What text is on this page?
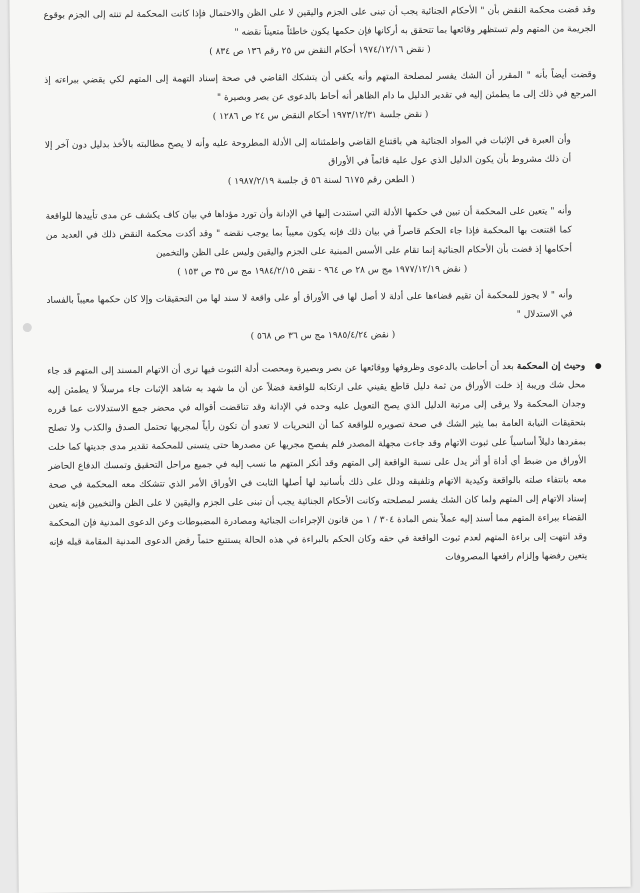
وقد قضت محكمة النقض بأن " الأحكام الجنائية يجب أن تبنى على الجزم واليقين لا على الظن والاحتمال فإذا كانت المحكمة لم تنته إلى الجزم بوقوع الجريمة من المتهم ولم تستظهر وقائعها بما تتحقق به أركانها فإن حكمها يكون خاطئاً متعيناً نقضه "

( نقض ١٩٧٤/١٢/١٦ أحكام النقض س ٢٥ رقم ١٣٦ ص ٨٣٤ )

وقضت أيضاً بأنه " المقرر أن الشك يفسر لمصلحة المتهم وأنه يكفي أن يتشكك القاضي في صحة إسناد التهمة إلى المتهم لكي يقضي ببراءته إذ المرجع في ذلك إلى ما يطمئن إليه في تقدير الدليل ما دام الظاهر أنه أحاط بالدعوى عن بصر وبصيرة "

( نقض جلسة ١٩٧٣/١٢/٣١ أحكام النقض س ٢٤ ص ١٢٨٦ )

وأن العبرة في الإثبات في المواد الجنائية هي باقتناع القاضي واطمئنانه إلى الأدلة المطروحة عليه وأنه لا يصح مطالبته بالأخذ بدليل دون آخر إلا أن ذلك مشروط بأن يكون الدليل الذي عول عليه قائماً في الأوراق

( الطعن رقم ٦١٧٥ لسنة ٥٦ ق جلسة ١٩٨٧/٢/١٩ )

وأنه " يتعين على المحكمة أن تبين في حكمها الأدلة التي استندت إليها في الإدانة وأن تورد مؤداها في بيان كاف يكشف عن مدى تأييدها للواقعة كما اقتنعت بها المحكمة فإذا جاء الحكم قاصراً في بيان ذلك فإنه يكون معيباً بما يوجب نقضه " وقد أكدت محكمة النقض ذلك في العديد من أحكامها إذ قضت بأن الأحكام الجنائية إنما تقام على الأسس المبنية على الجزم واليقين وليس على الظن والتخمين

( نقض ١٩٧٧/١٢/١٩ مج س ٢٨ ص ٩٦٤ - نقض ١٩٨٤/٢/١٥ مج س ٣٥ ص ١٥٣ )

وأنه " لا يجوز للمحكمة أن تقيم قضاءها على أدلة لا أصل لها في الأوراق أو على واقعة لا سند لها من التحقيقات وإلا كان حكمها معيباً بالفساد في الاستدلال "

( نقض ١٩٨٥/٤/٢٤ مج س ٣٦ ص ٥٦٨ )

وحيث إن المحكمة بعد أن أحاطت بالدعوى وظروفها ووقائعها عن بصر وبصيرة ومحصت أدلة الثبوت فيها ترى أن الاتهام المسند إلى المتهم قد جاء محل شك وريبة إذ خلت الأوراق من ثمة دليل قاطع يقيني على ارتكابه للواقعة فضلاً عن أن ما شهد به شاهد الإثبات جاء مرسلاً لا يطمئن إليه وجدان المحكمة ولا يرقى إلى مرتبة الدليل الذي يصح التعويل عليه وحده في الإدانة وقد تناقضت أقواله في محضر جمع الاستدلالات عما قرره بتحقيقات النيابة العامة بما يثير الشك في صحة تصويره للواقعة كما أن التحريات لا تعدو أن تكون رأياً لمجريها تحتمل الصدق والكذب ولا تصلح بمفردها دليلاً أساسياً على ثبوت الاتهام وقد جاءت مجهلة المصدر فلم يفصح مجريها عن مصدرها حتى يتسنى للمحكمة تقدير مدى جديتها كما خلت الأوراق من ضبط أي أداة أو أثر يدل على نسبة الواقعة إلى المتهم وقد أنكر المتهم ما نسب إليه في جميع مراحل التحقيق وتمسك الدفاع الحاضر معه بانتفاء صلته بالواقعة وكيدية الاتهام وتلفيقه ودلل على ذلك بأسانيد لها أصلها الثابت في الأوراق الأمر الذي تتشكك معه المحكمة في صحة إسناد الاتهام إلى المتهم ولما كان الشك يفسر لمصلحته وكانت الأحكام الجنائية يجب أن تبنى على الجزم واليقين لا على الظن والتخمين فإنه يتعين القضاء ببراءة المتهم مما أسند إليه عملاً بنص المادة ٣٠٤ / ١ من قانون الإجراءات الجنائية ومصادرة المضبوطات وعن الدعوى المدنية فإن المحكمة وقد انتهت إلى براءة المتهم لعدم ثبوت الواقعة في حقه وكان الحكم بالبراءة في هذه الحالة يستتبع حتماً رفض الدعوى المدنية المقامة قبله فإنه يتعين رفضها وإلزام رافعها المصروفات
